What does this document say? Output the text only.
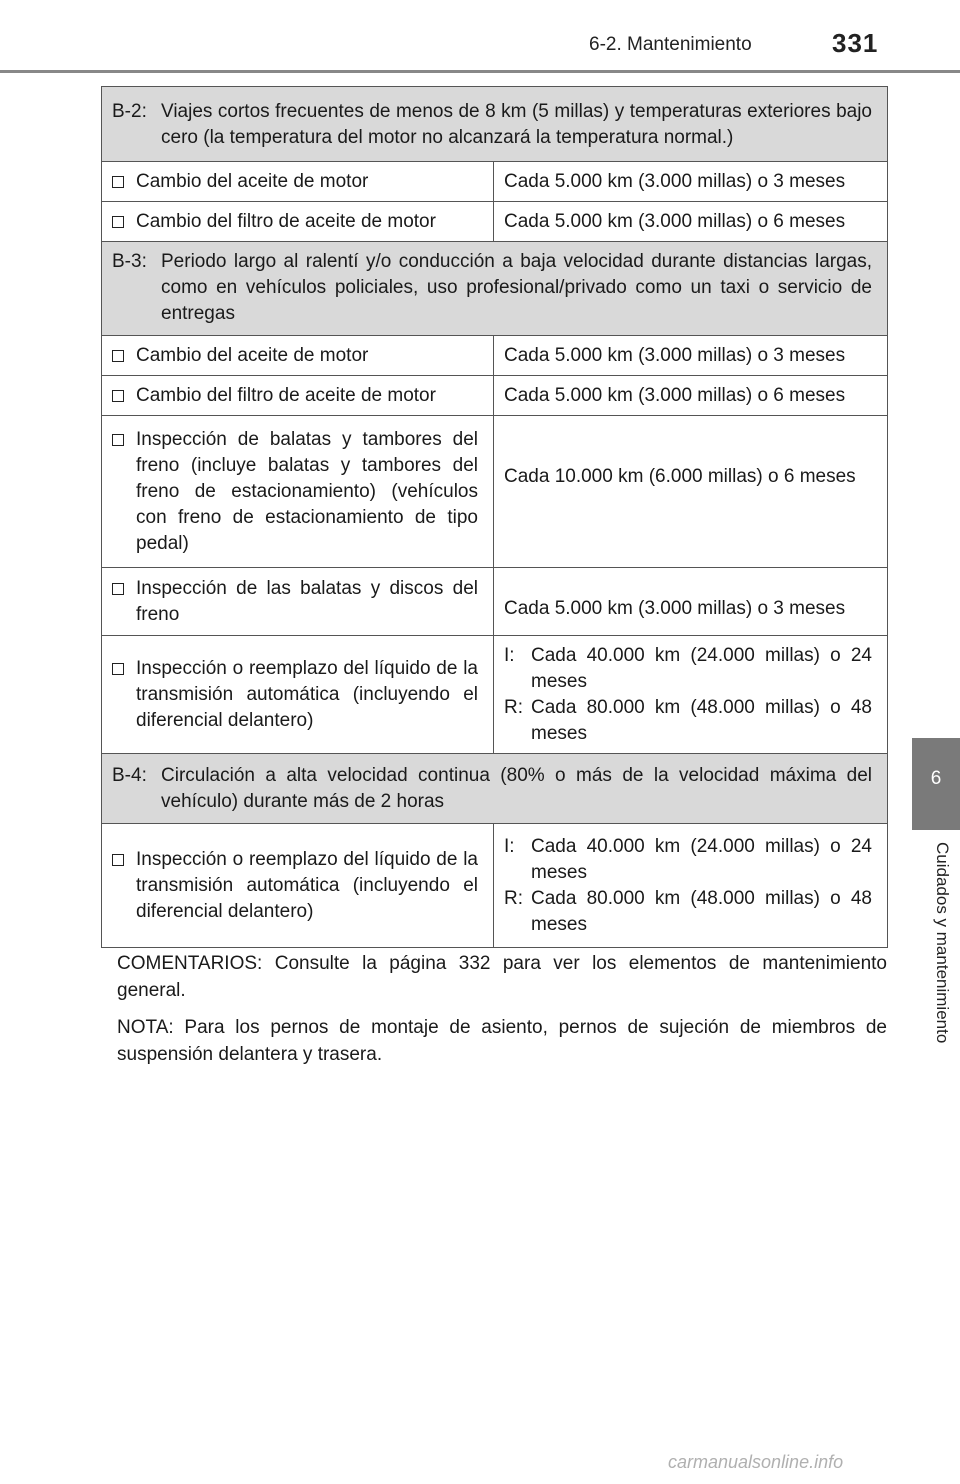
6-2. Mantenimiento	331
6
Cuidados y mantenimiento
B-2: Viajes cortos frecuentes de menos de 8 km (5 millas) y temperaturas exteriores bajo cero (la temperatura del motor no alcanzará la temperatura normal.)	

Cambio del aceite de motor	Cada 5.000 km (3.000 millas) o 3 meses

Cambio del filtro de aceite de motor	Cada 5.000 km (3.000 millas) o 6 meses

B-3: Periodo largo al ralentí y/o conducción a baja velocidad durante distancias largas, como en vehículos policiales, uso profesional/privado como un taxi o servicio de entregas	

Cambio del aceite de motor	Cada 5.000 km (3.000 millas) o 3 meses

Cambio del filtro de aceite de motor	Cada 5.000 km (3.000 millas) o 6 meses

Inspección de balatas y tambores del freno (incluye balatas y tambores del freno de estacionamiento) (vehículos con freno de estacionamiento de tipo pedal)	Cada 10.000 km (6.000 millas) o 6 meses

Inspección de las balatas y discos del freno	Cada 5.000 km (3.000 millas) o 3 meses

Inspección o reemplazo del líquido de la transmisión automática (incluyendo el diferencial delantero)	I: Cada 40.000 km (24.000 millas) o 24 meses
R: Cada 80.000 km (48.000 millas) o 48 meses

B-4: Circulación a alta velocidad continua (80% o más de la velocidad máxima del vehículo) durante más de 2 horas	

Inspección o reemplazo del líquido de la transmisión automática (incluyendo el diferencial delantero)	I: Cada 40.000 km (24.000 millas) o 24 meses
R: Cada 80.000 km (48.000 millas) o 48 meses

COMENTARIOS: Consulte la página 332 para ver los elementos de mantenimiento general.

NOTA: Para los pernos de montaje de asiento, pernos de sujeción de miembros de suspensión delantera y trasera.

carmanualsonline.info
